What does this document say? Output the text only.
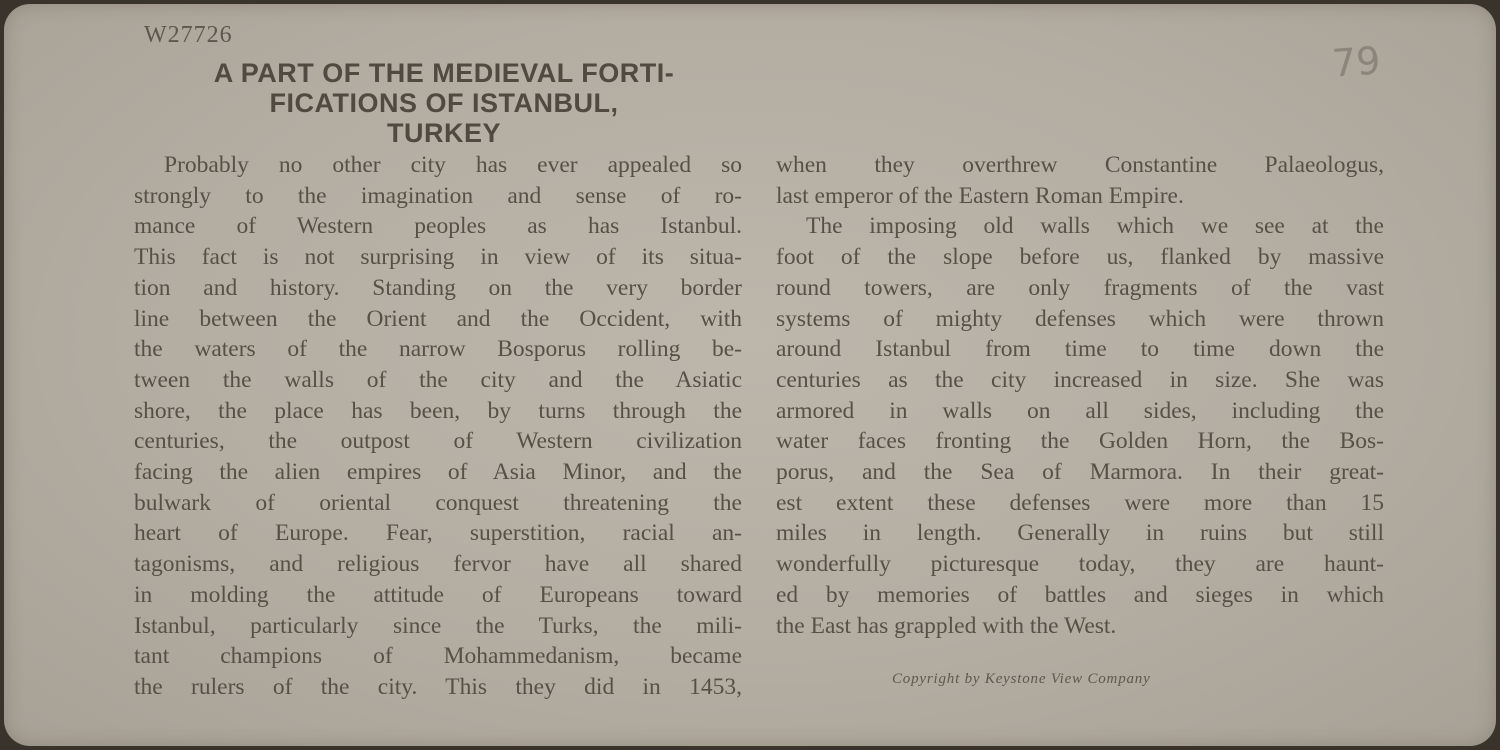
W27726
79
A PART OF THE MEDIEVAL FORTI-
FICATIONS OF ISTANBUL,
TURKEY
Probably no other city has ever appealed so
strongly to the imagination and sense of ro-
mance of Western peoples as has Istanbul.
This fact is not surprising in view of its situa-
tion and history. Standing on the very border
line between the Orient and the Occident, with
the waters of the narrow Bosporus rolling be-
tween the walls of the city and the Asiatic
shore, the place has been, by turns through the
centuries, the outpost of Western civilization
facing the alien empires of Asia Minor, and the
bulwark of oriental conquest threatening the
heart of Europe. Fear, superstition, racial an-
tagonisms, and religious fervor have all shared
in molding the attitude of Europeans toward
Istanbul, particularly since the Turks, the mili-
tant champions of Mohammedanism, became
the rulers of the city. This they did in 1453,
when they overthrew Constantine Palaeologus,
last emperor of the Eastern Roman Empire.
The imposing old walls which we see at the
foot of the slope before us, flanked by massive
round towers, are only fragments of the vast
systems of mighty defenses which were thrown
around Istanbul from time to time down the
centuries as the city increased in size. She was
armored in walls on all sides, including the
water faces fronting the Golden Horn, the Bos-
porus, and the Sea of Marmora. In their great-
est extent these defenses were more than 15
miles in length. Generally in ruins but still
wonderfully picturesque today, they are haunt-
ed by memories of battles and sieges in which
the East has grappled with the West.
Copyright by Keystone View Company
